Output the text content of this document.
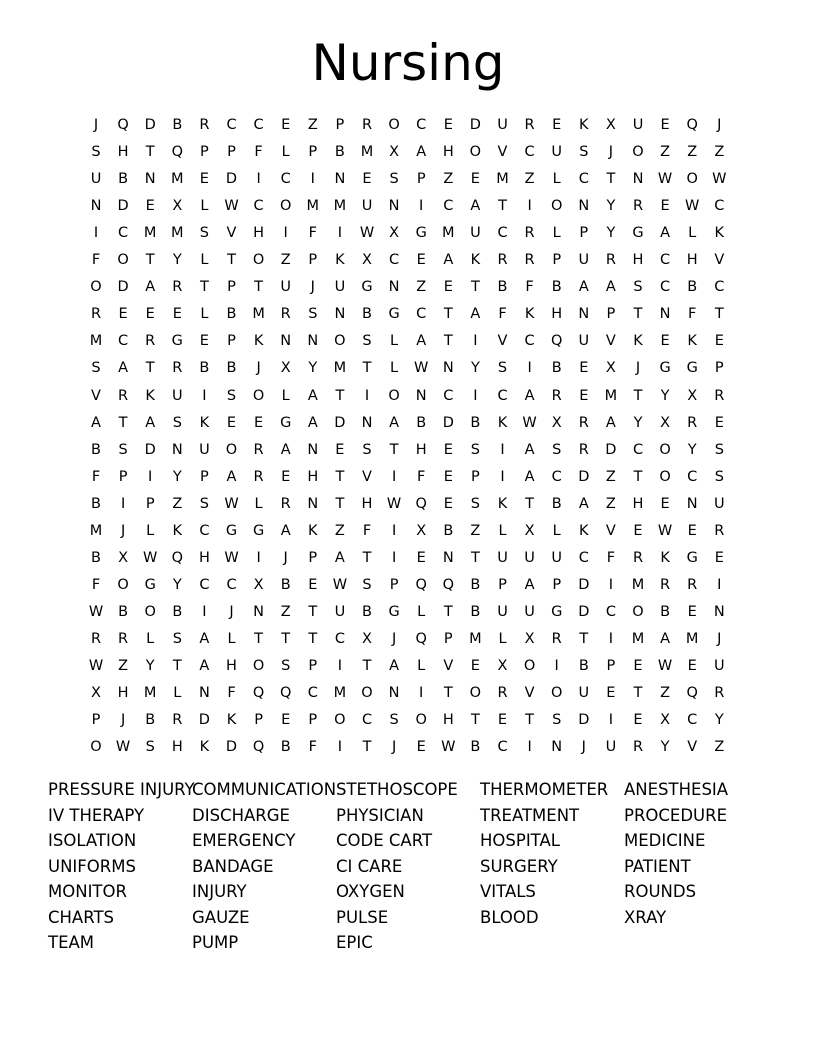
Nursing
J	Q	D	B	R	C	C	E	Z	P	R	O	C	E	D	U	R	E	K	X	U	E	Q	J
S	H	T	Q	P	P	F	L	P	B	M	X	A	H	O	V	C	U	S	J	O	Z	Z	Z
U	B	N	M	E	D	I	C	I	N	E	S	P	Z	E	M	Z	L	C	T	N	W O W
N	D	E	X	L	W	C	O	M	M	U	N	I	C	A	T	I	O	N	Y	R	E	W	C
I	C	M	M	S	V	H	I	F	I	W	X	G	M	U	C	R	L	P	Y	G	A	L	K
F	O	T	Y	L	T	O	Z	P	K	X	C	E	A	K	R	R	P	U	R	H	C	H	V
O	D	A	R	T	P	T	U	J	U	G	N	Z	E	T	B	F	B	A	A	S	C	B	C
R	E	E	E	L	B	M	R	S	N	B	G	C	T	A	F	K	H	N	P	T	N	F	T
M	C	R	G	E	P	K	N	N	O	S	L	A	T	I	V	C	Q	U	V	K	E	K	E
S	A	T	R	B	B	J	X	Y	M	T	L	W	N	Y	S	I	B	E	X	J	G	G	P
V	R	K	U	I	S	O	L	A	T	I	O	N	C	I	C	A	R	E	M	T	Y	X	R
A	T	A	S	K	E	E	G	A	D	N	A	B	D	B	K	W	X	R	A	Y	X	R	E
B	S	D	N	U	O	R	A	N	E	S	T	H	E	S	I	A	S	R	D	C	O	Y	S
F	P	I	Y	P	A	R	E	H	T	V	I	F	E	P	I	A	C	D	Z	T	O	C	S
B	I	P	Z	S	W	L	R	N	T	H W Q	E	S	K	T	B	A	Z	H	E	N	U
M	J	L	K	C	G	G	A	K	Z	F	I	X	B	Z	L	X	L	K	V	E	W	E	R
B	X	W Q	H W	I	J	P	A	T	I	E	N	T	U	U	U	C	F	R	K	G	E
F	O	G	Y	C	C	X	B	E	W	S	P	Q	Q	B	P	A	P	D	I	M	R	R	I
W	B	O	B	I	J	N	Z	T	U	B	G	L	T	B	U	U	G	D	C	O	B	E	N
R	R	L	S	A	L	T	T	T	C	X	J	Q	P	M	L	X	R	T	I	M	A	M	J
W	Z	Y	T	A	H	O	S	P	I	T	A	L	V	E	X	O	I	B	P	E	W	E	U
X	H	M	L	N	F	Q	Q	C	M	O	N	I	T	O	R	V	O	U	E	T	Z	Q	R
P	J	B	R	D	K	P	E	P	O	C	S	O	H	T	E	T	S	D	I	E	X	C	Y
O W	S	H	K	D	Q	B	F	I	T	J	E	W	B	C	I	N	J	U	R	Y	V	Z
PRESSURE INJURY
IV THERAPY
ISOLATION
UNIFORMS
MONITOR
CHARTS
TEAM
COMMUNICATION
DISCHARGE
EMERGENCY
BANDAGE
INJURY
GAUZE
PUMP
STETHOSCOPE
PHYSICIAN
CODE CART
CI CARE
OXYGEN
PULSE
EPIC
THERMOMETER
TREATMENT
HOSPITAL
SURGERY
VITALS
BLOOD
ANESTHESIA
PROCEDURE
MEDICINE
PATIENT
ROUNDS
XRAY
